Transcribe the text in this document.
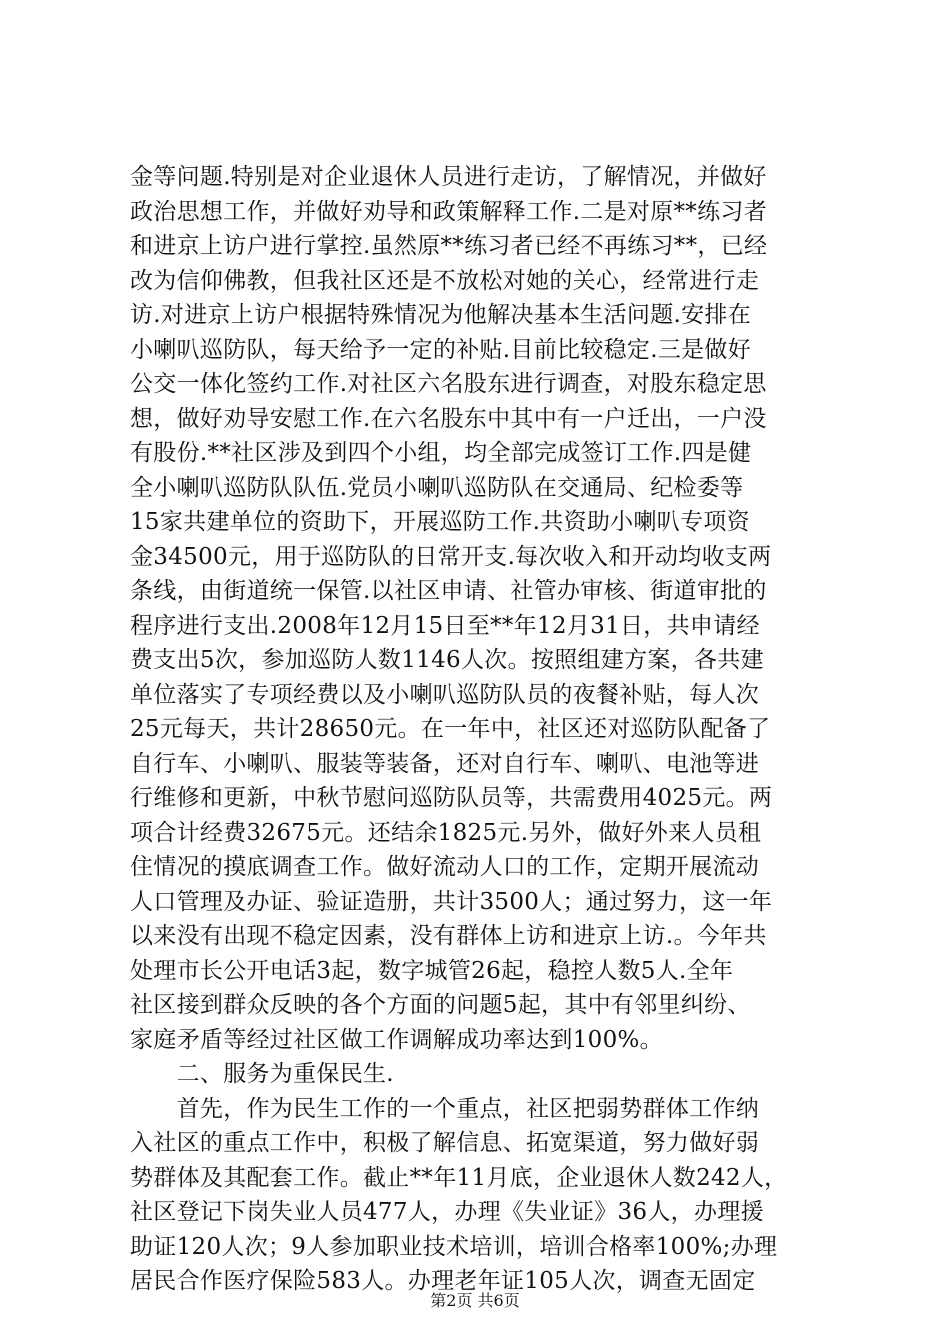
金等问题.特别是对企业退休人员进行走访，了解情况，并做好
政治思想工作，并做好劝导和政策解释工作.二是对原**练习者
和进京上访户进行掌控.虽然原**练习者已经不再练习**，已经
改为信仰佛教，但我社区还是不放松对她的关心，经常进行走
访.对进京上访户根据特殊情况为他解决基本生活问题.安排在
小喇叭巡防队，每天给予一定的补贴.目前比较稳定.三是做好
公交一体化签约工作.对社区六名股东进行调查，对股东稳定思
想，做好劝导安慰工作.在六名股东中其中有一户迁出，一户没
有股份.**社区涉及到四个小组，均全部完成签订工作.四是健
全小喇叭巡防队队伍.党员小喇叭巡防队在交通局、纪检委等
15家共建单位的资助下，开展巡防工作.共资助小喇叭专项资
金34500元，用于巡防队的日常开支.每次收入和开动均收支两
条线，由街道统一保管.以社区申请、社管办审核、街道审批的
程序进行支出.2008年12月15日至**年12月31日，共申请经
费支出5次，参加巡防人数1146人次。按照组建方案，各共建
单位落实了专项经费以及小喇叭巡防队员的夜餐补贴，每人次
25元每天，共计28650元。在一年中，社区还对巡防队配备了
自行车、小喇叭、服装等装备，还对自行车、喇叭、电池等进
行维修和更新，中秋节慰问巡防队员等，共需费用4025元。两
项合计经费32675元。还结余1825元.另外，做好外来人员租
住情况的摸底调查工作。做好流动人口的工作，定期开展流动
人口管理及办证、验证造册，共计3500人；通过努力，这一年
以来没有出现不稳定因素，没有群体上访和进京上访.。今年共
处理市长公开电话3起，数字城管26起，稳控人数5人.全年
社区接到群众反映的各个方面的问题5起，其中有邻里纠纷、
家庭矛盾等经过社区做工作调解成功率达到100%。
　　二、服务为重保民生.
　　首先，作为民生工作的一个重点，社区把弱势群体工作纳
入社区的重点工作中，积极了解信息、拓宽渠道，努力做好弱
势群体及其配套工作。截止**年11月底，企业退休人数242人，
社区登记下岗失业人员477人，办理《失业证》36人，办理援
助证120人次；9人参加职业技术培训，培训合格率100%;办理
居民合作医疗保险583人。办理老年证105人次，调查无固定
第2页 共6页
